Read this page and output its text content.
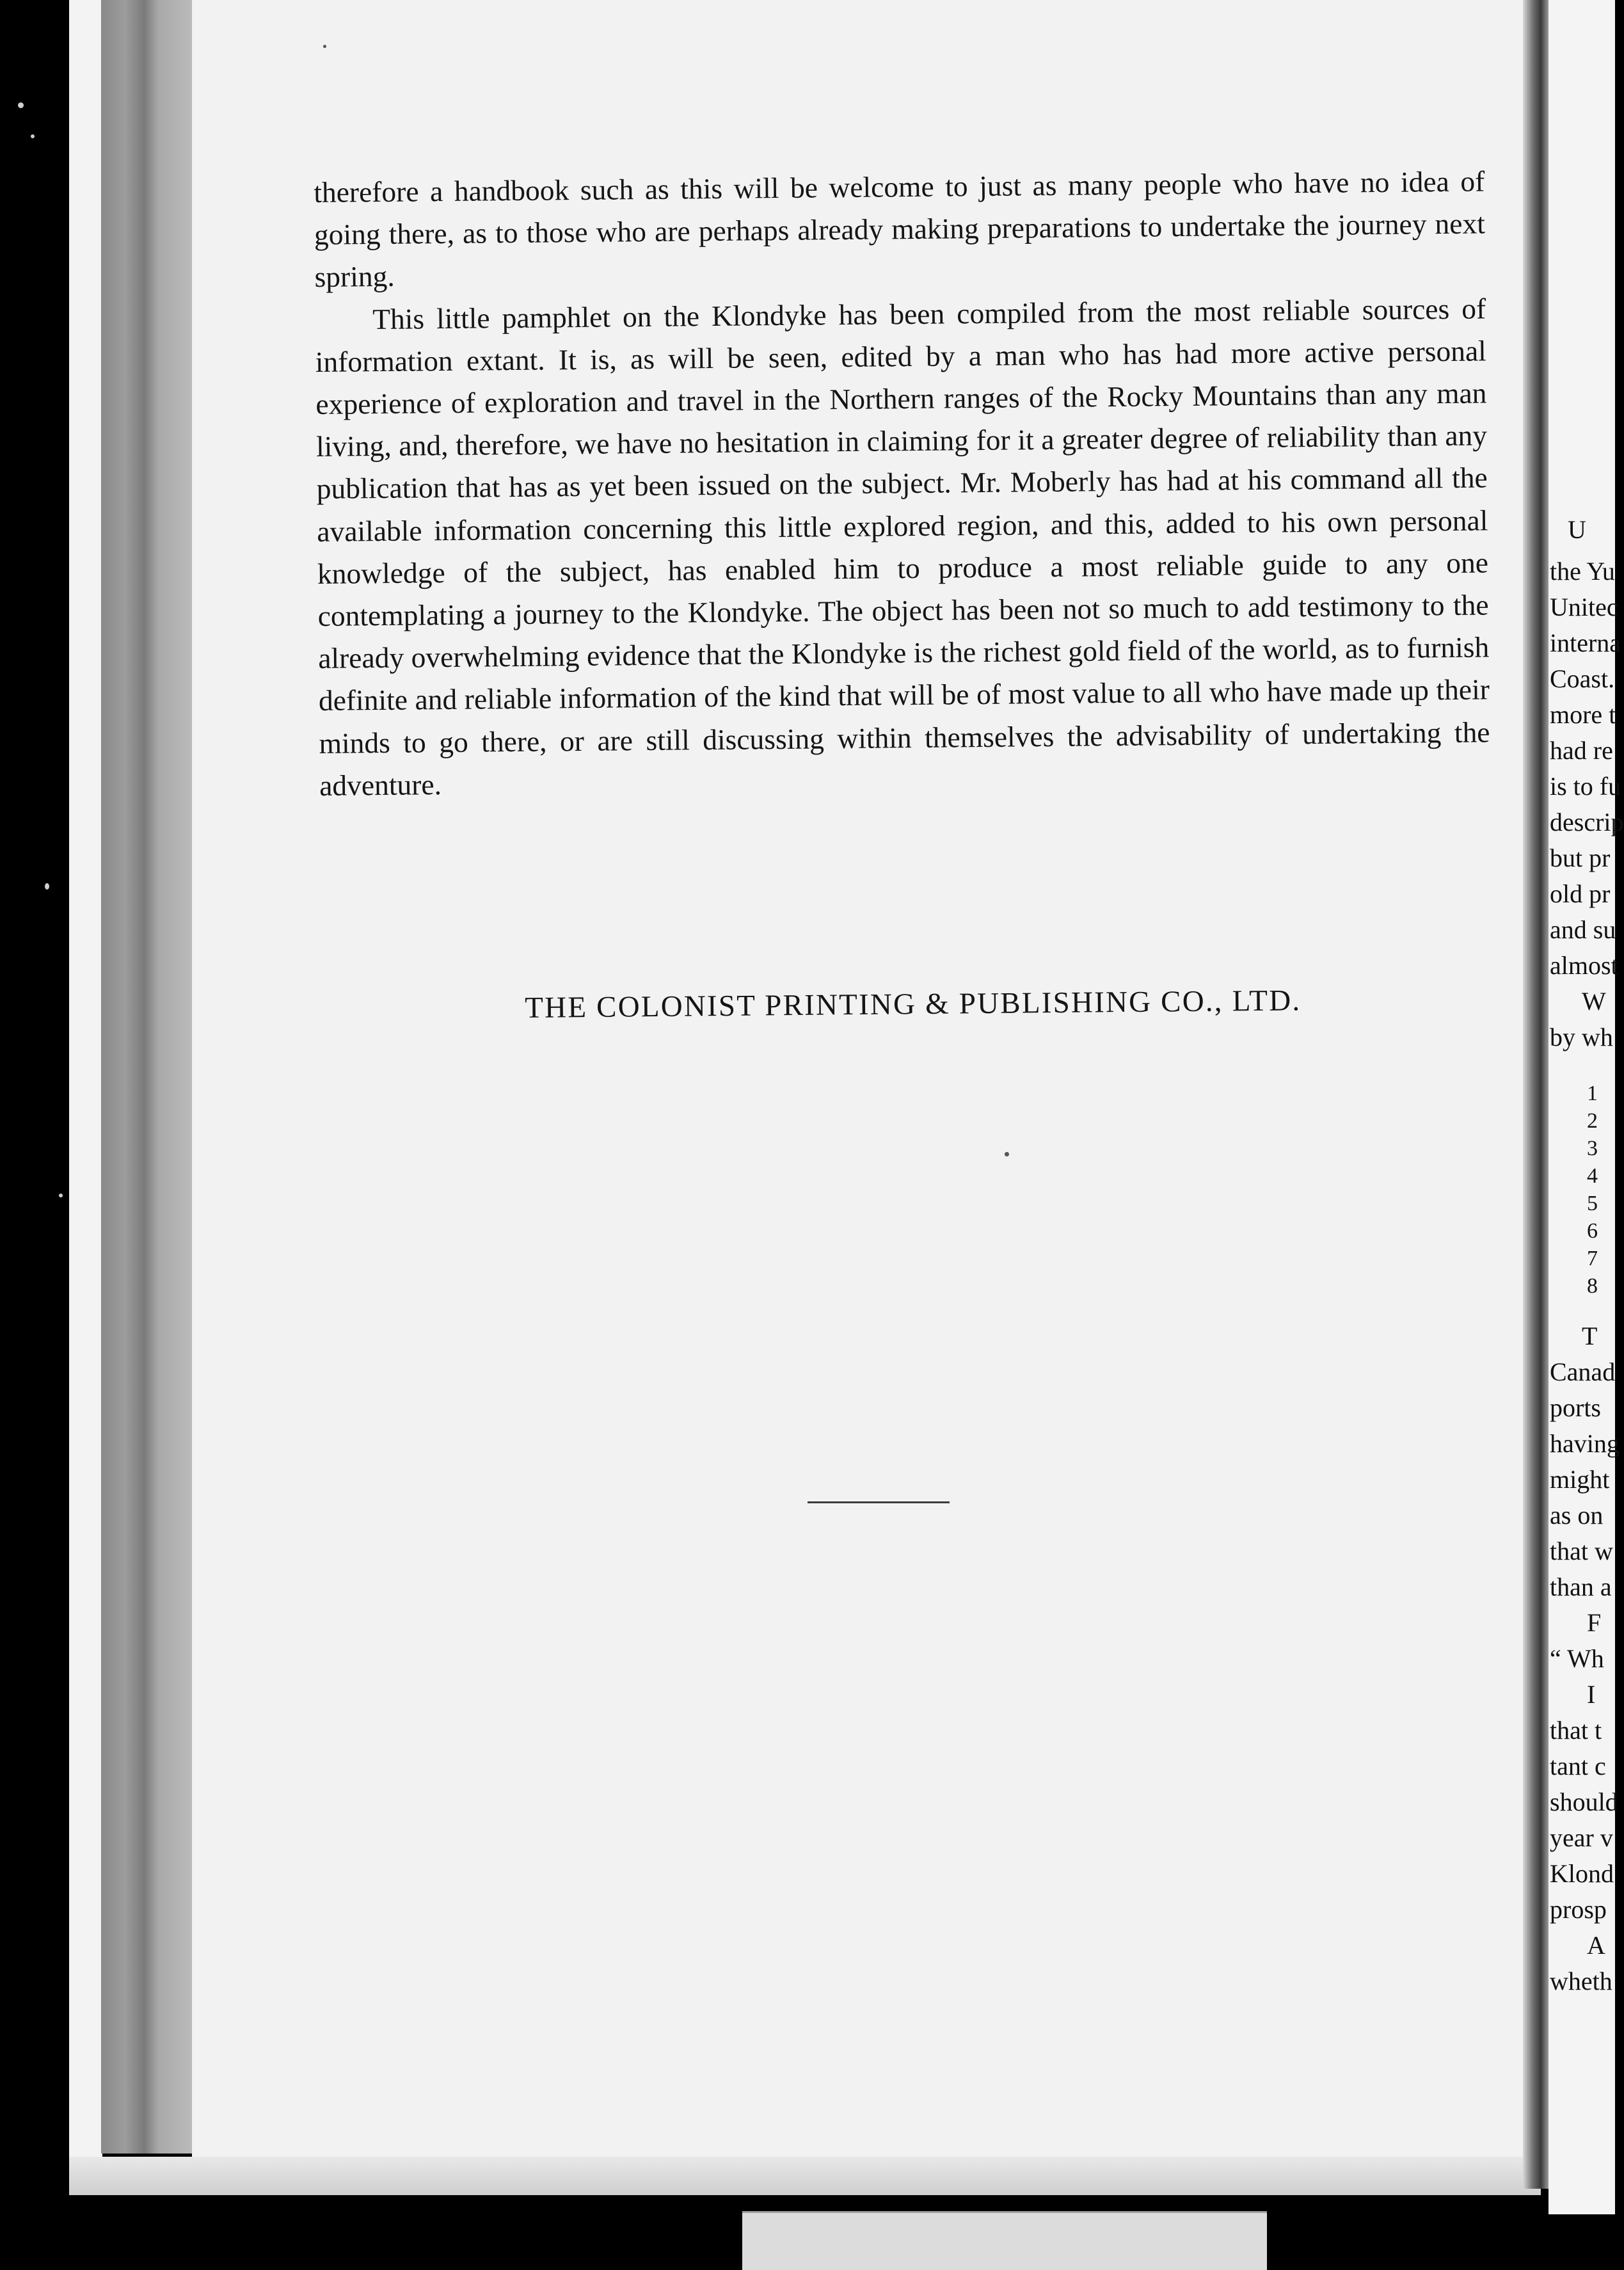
U
the Yu
Unitec
interna
Coast.
more t
had re
is to fu
descrip
but pr
old pr
and su
almost
W
by wh
1
2
3
4
5
6
7
8
T
Canad
ports
having
might
as on
that w
than a
F
“ Wh
I
that t
tant c
should
year v
Klond
prosp
A
wheth

therefore a handbook such as this will be welcome to just as many people who have no idea of going there, as to those who are perhaps already making preparations to undertake the journey next spring.

This little pamphlet on the Klondyke has been compiled from the most reliable sources of information extant. It is, as will be seen, edited by a man who has had more active personal experience of exploration and travel in the Northern ranges of the Rocky Mountains than any man living, and, therefore, we have no hesitation in claiming for it a greater degree of reliability than any publication that has as yet been issued on the subject. Mr. Moberly has had at his command all the available information concerning this little explored region, and this, added to his own personal knowledge of the subject, has enabled him to produce a most reliable guide to any one contemplating a journey to the Klondyke. The object has been not so much to add testimony to the already overwhelming evidence that the Klondyke is the richest gold field of the world, as to furnish definite and reliable information of the kind that will be of most value to all who have made up their minds to go there, or are still discussing within themselves the advisability of undertaking the adventure.

THE COLONIST PRINTING & PUBLISHING CO., LTD.
